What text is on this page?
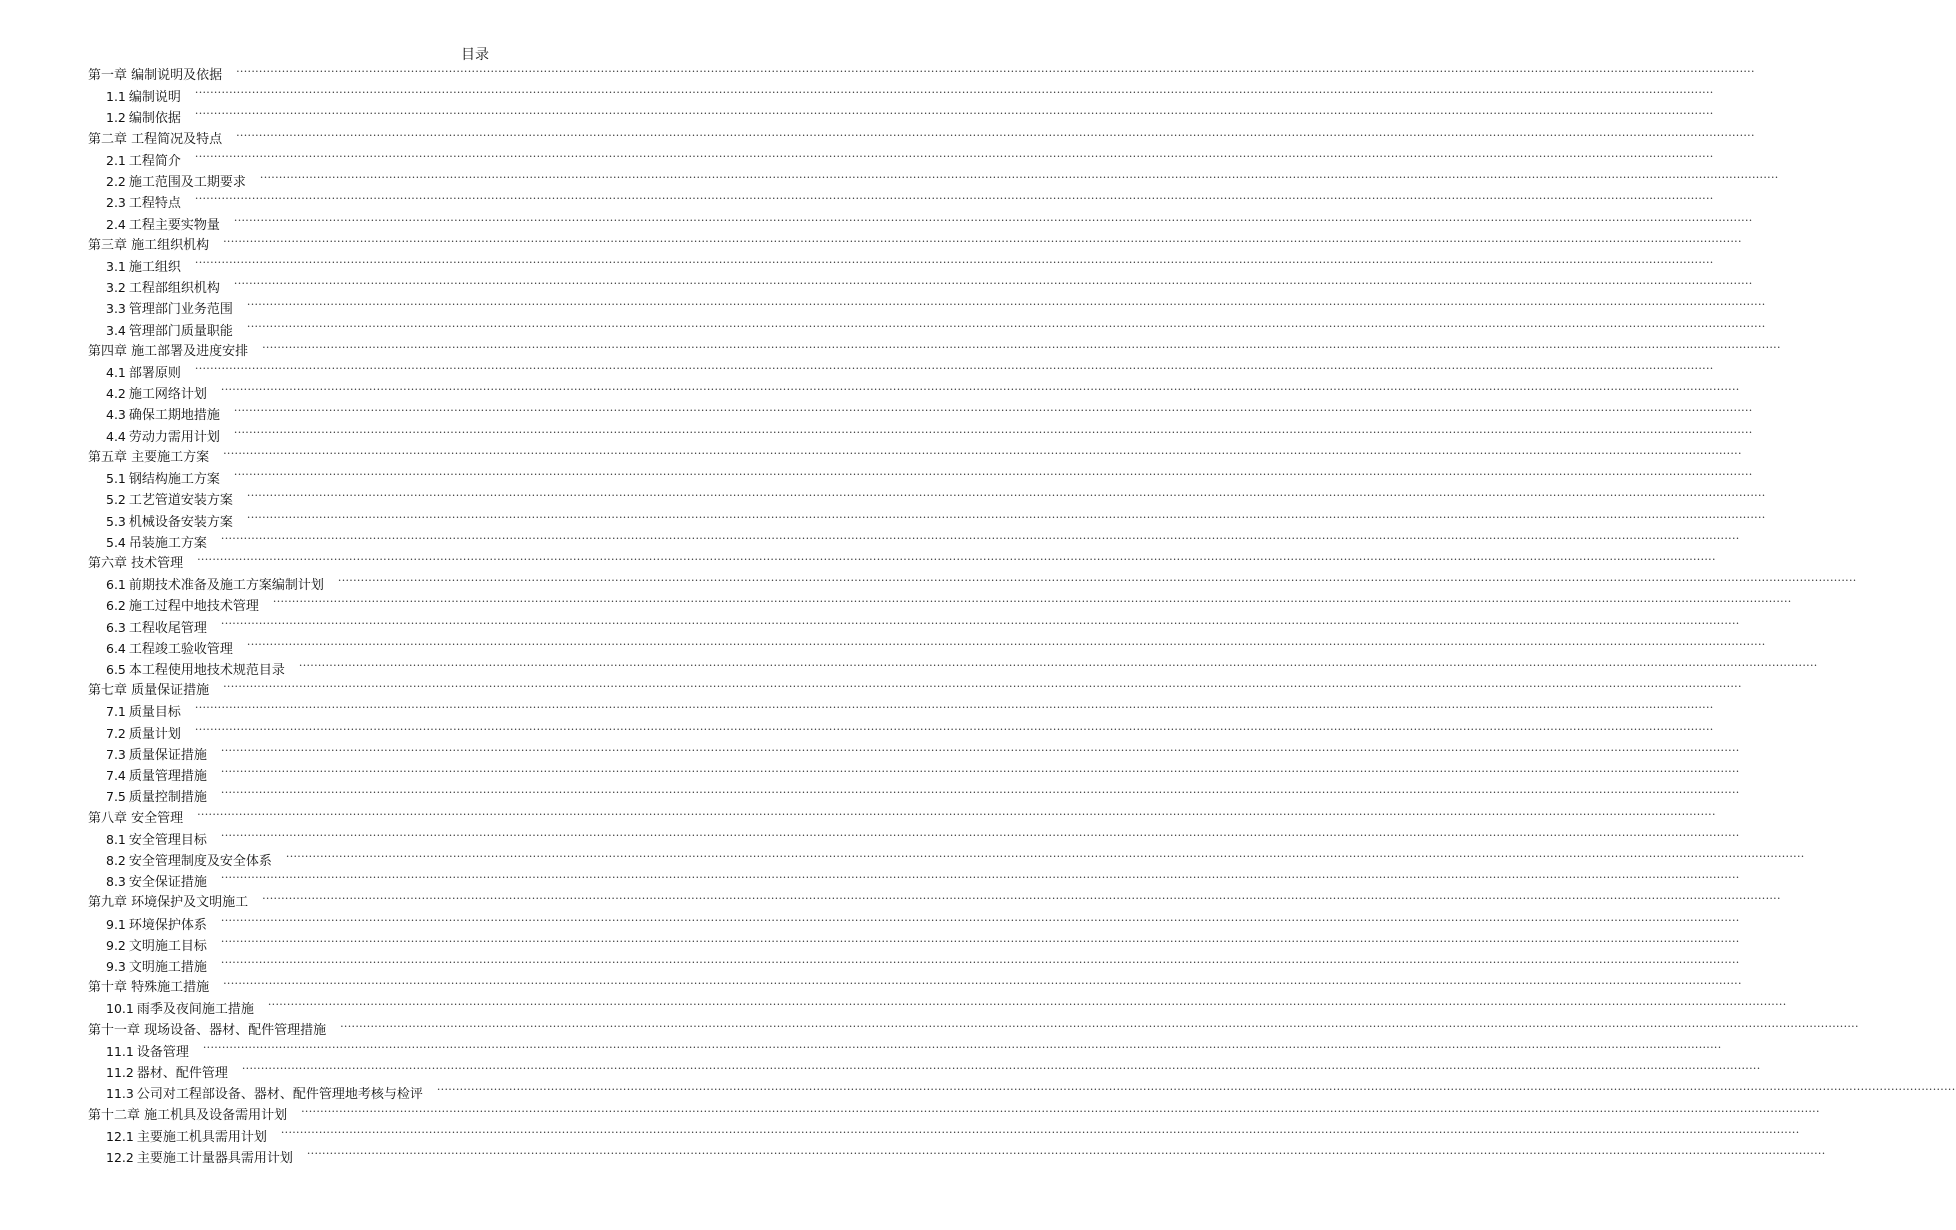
目录
第一章 编制说明及依据 ················································································································································································································································································································································································································
1.1 编制说明 ················································································································································································································································································································································································································
1.2 编制依据 ················································································································································································································································································································································································································
第二章 工程简况及特点 ················································································································································································································································································································································································································
2.1 工程简介 ················································································································································································································································································································································································································
2.2 施工范围及工期要求 ················································································································································································································································································································································································································
2.3 工程特点 ················································································································································································································································································································································································································
2.4 工程主要实物量 ················································································································································································································································································································································································································
第三章 施工组织机构 ················································································································································································································································································································································································································
3.1 施工组织 ················································································································································································································································································································································································································
3.2 工程部组织机构 ················································································································································································································································································································································································································
3.3 管理部门业务范围 ················································································································································································································································································································································································································
3.4 管理部门质量职能 ················································································································································································································································································································································································································
第四章 施工部署及进度安排 ················································································································································································································································································································································································································
4.1 部署原则 ················································································································································································································································································································································································································
4.2 施工网络计划 ················································································································································································································································································································································································································
4.3 确保工期地措施 ················································································································································································································································································································································································································
4.4 劳动力需用计划 ················································································································································································································································································································································································································
第五章 主要施工方案 ················································································································································································································································································································································································································
5.1 钢结构施工方案 ················································································································································································································································································································································································································
5.2 工艺管道安装方案 ················································································································································································································································································································································································································
5.3 机械设备安装方案 ················································································································································································································································································································································································································
5.4 吊装施工方案 ················································································································································································································································································································································································································
第六章 技术管理 ················································································································································································································································································································································································································
6.1 前期技术准备及施工方案编制计划 ················································································································································································································································································································································································································
6.2 施工过程中地技术管理 ················································································································································································································································································································································································································
6.3 工程收尾管理 ················································································································································································································································································································································································································
6.4 工程竣工验收管理 ················································································································································································································································································································································································································
6.5 本工程使用地技术规范目录 ················································································································································································································································································································································································································
第七章 质量保证措施 ················································································································································································································································································································································································································
7.1 质量目标 ················································································································································································································································································································································································································
7.2 质量计划 ················································································································································································································································································································································································································
7.3 质量保证措施 ················································································································································································································································································································································································································
7.4 质量管理措施 ················································································································································································································································································································································································································
7.5 质量控制措施 ················································································································································································································································································································································································································
第八章 安全管理 ················································································································································································································································································································································································································
8.1 安全管理目标 ················································································································································································································································································································································································································
8.2 安全管理制度及安全体系 ················································································································································································································································································································································································································
8.3 安全保证措施 ················································································································································································································································································································································································································
第九章 环境保护及文明施工 ················································································································································································································································································································································································································
9.1 环境保护体系 ················································································································································································································································································································································································································
9.2 文明施工目标 ················································································································································································································································································································································································································
9.3 文明施工措施 ················································································································································································································································································································································································································
第十章 特殊施工措施 ················································································································································································································································································································································································································
10.1 雨季及夜间施工措施 ················································································································································································································································································································································································································
第十一章 现场设备、器材、配件管理措施 ················································································································································································································································································································································································································
11.1 设备管理 ················································································································································································································································································································································································································
11.2 器材、配件管理 ················································································································································································································································································································································································································
11.3 公司对工程部设备、器材、配件管理地考核与检评 ················································································································································································································································································································································································································
第十二章 施工机具及设备需用计划 ················································································································································································································································································································································································································
12.1 主要施工机具需用计划 ················································································································································································································································································································································································································
12.2 主要施工计量器具需用计划 ················································································································································································································································································································································································································
